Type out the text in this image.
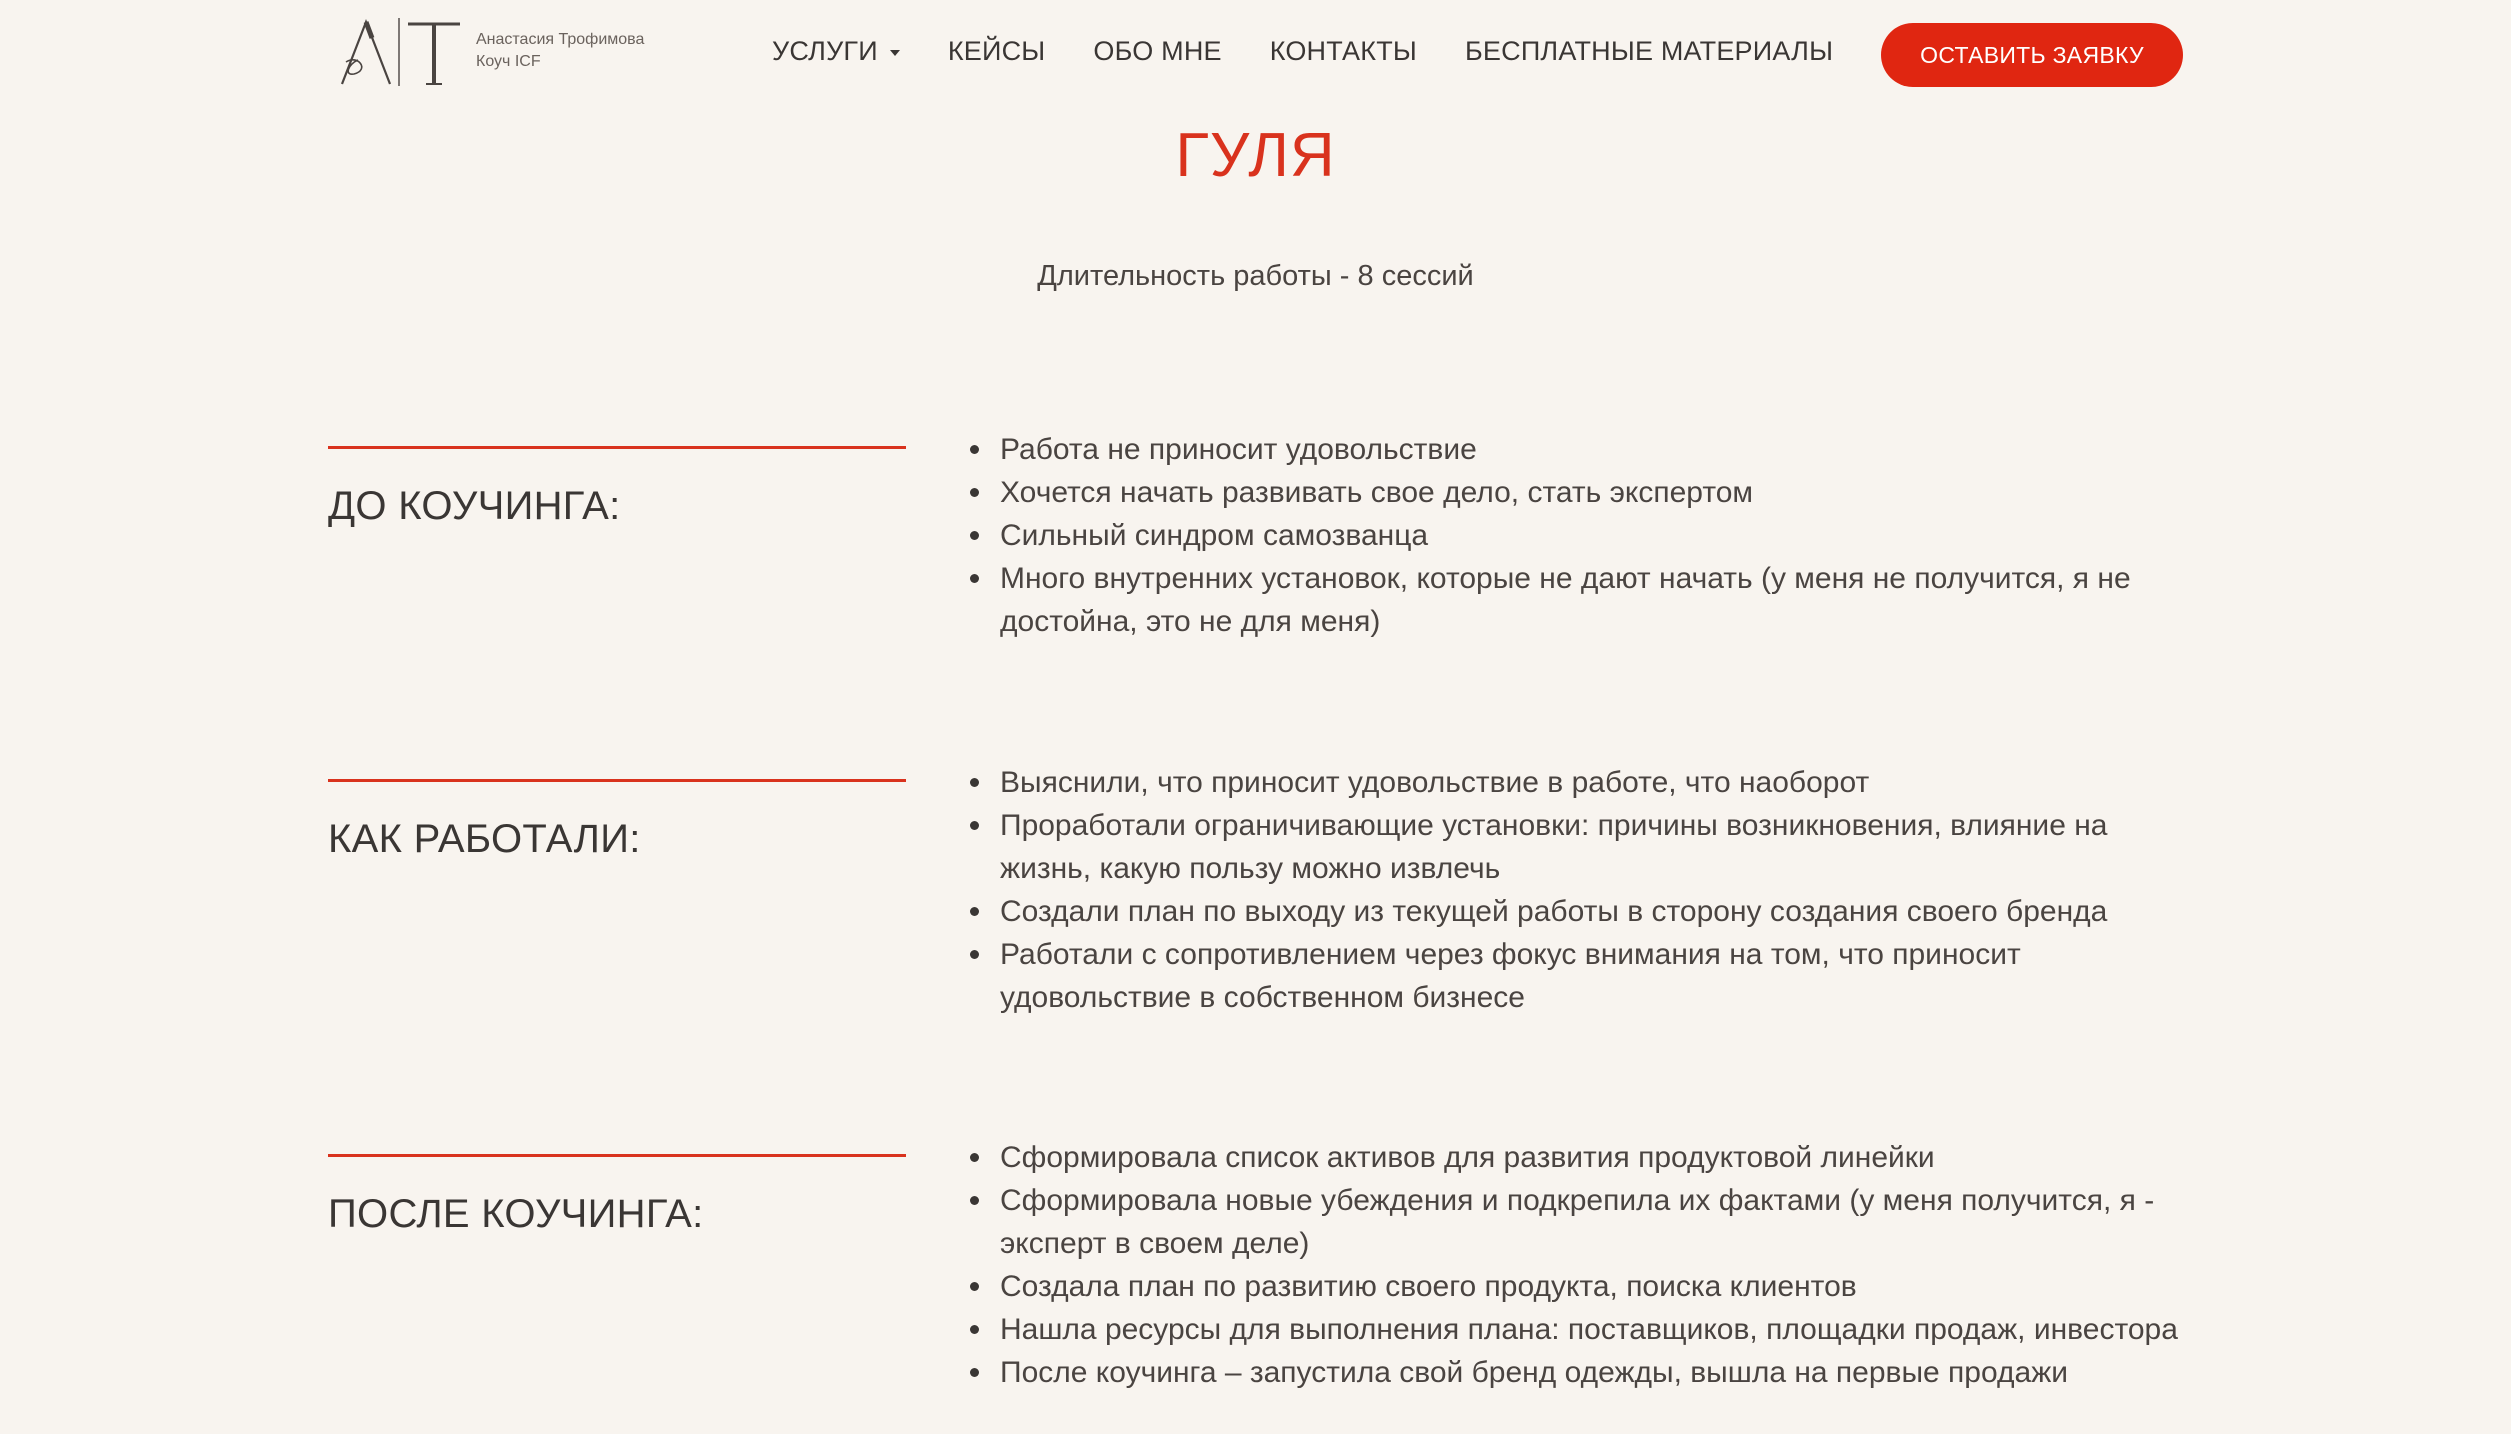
Анастасия Трофимова
Коуч ICF	УСЛУГИ	КЕЙСЫ ОБО МНЕ КОНТАКТЫ БЕСПЛАТНЫЕ МАТЕРИАЛЫ	ОСТАВИТЬ ЗАЯВКУ
ГУЛЯ
Длительность работы - 8 сессий
ДО КОУЧИНГА:
Работа не приносит удовольствие
Хочется начать развивать свое дело, стать экспертом
Сильный синдром самозванца
Много внутренних установок, которые не дают начать (у меня не получится, я не достойна, это не для меня)
КАК РАБОТАЛИ:
Выяснили, что приносит удовольствие в работе, что наоборот
Проработали ограничивающие установки: причины возникновения, влияние на жизнь, какую пользу можно извлечь
Создали план по выходу из текущей работы в сторону создания своего бренда
Работали с сопротивлением через фокус внимания на том, что приносит удовольствие в собственном бизнесе
ПОСЛЕ КОУЧИНГА:
Сформировала список активов для развития продуктовой линейки
Сформировала новые убеждения и подкрепила их фактами (у меня получится, я - эксперт в своем деле)
Создала план по развитию своего продукта, поиска клиентов
Нашла ресурсы для выполнения плана: поставщиков, площадки продаж, инвестора
После коучинга – запустила свой бренд одежды, вышла на первые продажи
